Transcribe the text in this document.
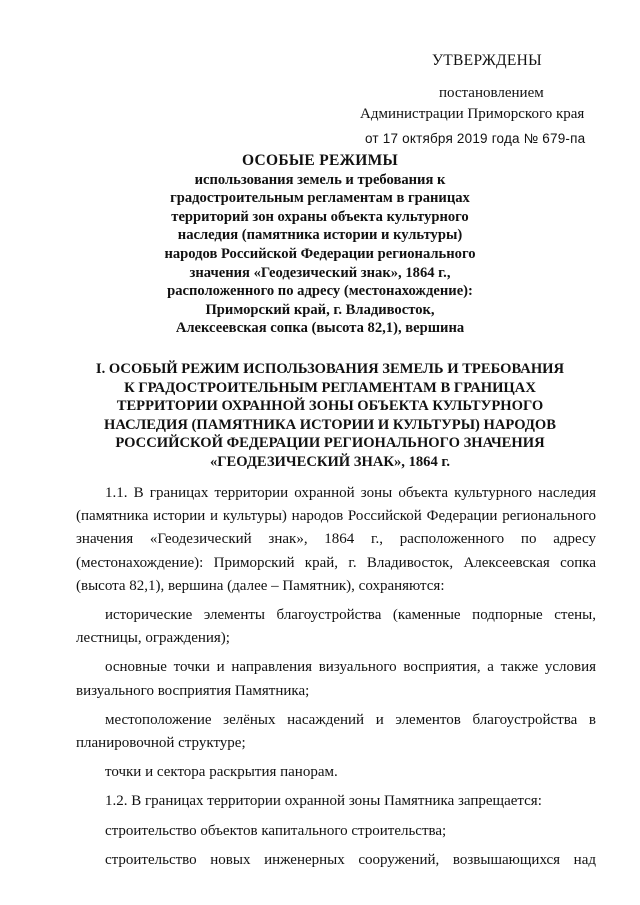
УТВЕРЖДЕНЫ
постановлением
Администрации Приморского края
от 17 октября 2019 года № 679-па
ОСОБЫЕ РЕЖИМЫ
использования земель и требования к
градостроительным регламентам в границах
территорий зон охраны объекта культурного
наследия (памятника истории и культуры)
народов Российской Федерации регионального
значения «Геодезический знак», 1864 г.,
расположенного по адресу (местонахождение):
Приморский край, г. Владивосток,
Алексеевская сопка (высота 82,1), вершина
I. ОСОБЫЙ РЕЖИМ ИСПОЛЬЗОВАНИЯ ЗЕМЕЛЬ И ТРЕБОВАНИЯ
К ГРАДОСТРОИТЕЛЬНЫМ РЕГЛАМЕНТАМ В ГРАНИЦАХ
ТЕРРИТОРИИ ОХРАННОЙ ЗОНЫ ОБЪЕКТА КУЛЬТУРНОГО
НАСЛЕДИЯ (ПАМЯТНИКА ИСТОРИИ И КУЛЬТУРЫ) НАРОДОВ
РОССИЙСКОЙ ФЕДЕРАЦИИ РЕГИОНАЛЬНОГО ЗНАЧЕНИЯ
«ГЕОДЕЗИЧЕСКИЙ ЗНАК», 1864 г.

1.1. В границах территории охранной зоны объекта культурного наследия (памятника истории и культуры) народов Российской Федерации регионального значения «Геодезический знак», 1864 г., расположенного по адресу (местонахождение): Приморский край, г. Владивосток, Алексеевская сопка (высота 82,1), вершина (далее – Памятник), сохраняются:

исторические элементы благоустройства (каменные подпорные стены, лестницы, ограждения);

основные точки и направления визуального восприятия, а также условия визуального восприятия Памятника;

местоположение зелёных насаждений и элементов благоустройства в планировочной структуре;

точки и сектора раскрытия панорам.

1.2. В границах территории охранной зоны Памятника запрещается:

строительство объектов капитального строительства;

строительство новых инженерных сооружений, возвышающихся над
